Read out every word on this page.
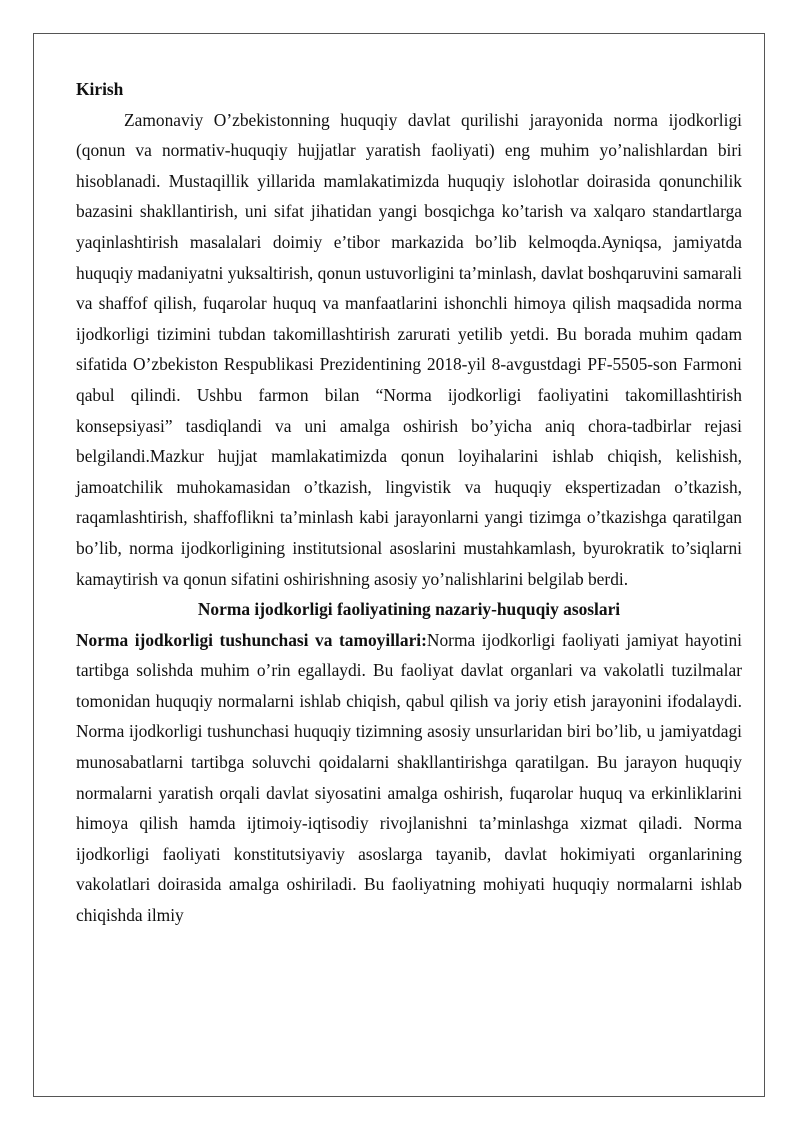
Kirish

Zamonaviy O’zbekistonning huquqiy davlat qurilishi jarayonida norma ijodkorligi (qonun va normativ-huquqiy hujjatlar yaratish faoliyati) eng muhim yo’nalishlardan biri hisoblanadi. Mustaqillik yillarida mamlakatimizda huquqiy islohotlar doirasida qonunchilik bazasini shakllantirish, uni sifat jihatidan yangi bosqichga ko’tarish va xalqaro standartlarga yaqinlashtirish masalalari doimiy e’tibor markazida bo’lib kelmoqda.Ayniqsa, jamiyatda huquqiy madaniyatni yuksaltirish, qonun ustuvorligini ta’minlash, davlat boshqaruvini samarali va shaffof qilish, fuqarolar huquq va manfaatlarini ishonchli himoya qilish maqsadida norma ijodkorligi tizimini tubdan takomillashtirish zarurati yetilib yetdi. Bu borada muhim qadam sifatida O’zbekiston Respublikasi Prezidentining 2018-yil 8-avgustdagi PF-5505-son Farmoni qabul qilindi. Ushbu farmon bilan “Norma ijodkorligi faoliyatini takomillashtirish konsepsiyasi” tasdiqlandi va uni amalga oshirish bo’yicha aniq chora-tadbirlar rejasi belgilandi.Mazkur hujjat mamlakatimizda qonun loyihalarini ishlab chiqish, kelishish, jamoatchilik muhokamasidan o’tkazish, lingvistik va huquqiy ekspertizadan o’tkazish, raqamlashtirish, shaffoflikni ta’minlash kabi jarayonlarni yangi tizimga o’tkazishga qaratilgan bo’lib, norma ijodkorligining institutsional asoslarini mustahkamlash, byurokratik to’siqlarni kamaytirish va qonun sifatini oshirishning asosiy yo’nalishlarini belgilab berdi.

Norma ijodkorligi faoliyatining nazariy-huquqiy asoslari

Norma ijodkorligi tushunchasi va tamoyillari:Norma ijodkorligi faoliyati jamiyat hayotini tartibga solishda muhim o’rin egallaydi. Bu faoliyat davlat organlari va vakolatli tuzilmalar tomonidan huquqiy normalarni ishlab chiqish, qabul qilish va joriy etish jarayonini ifodalaydi. Norma ijodkorligi tushunchasi huquqiy tizimning asosiy unsurlaridan biri bo’lib, u jamiyatdagi munosabatlarni tartibga soluvchi qoidalarni shakllantirishga qaratilgan. Bu jarayon huquqiy normalarni yaratish orqali davlat siyosatini amalga oshirish, fuqarolar huquq va erkinliklarini himoya qilish hamda ijtimoiy-iqtisodiy rivojlanishni ta’minlashga xizmat qiladi. Norma ijodkorligi faoliyati konstitutsiyaviy asoslarga tayanib, davlat hokimiyati organlarining vakolatlari doirasida amalga oshiriladi. Bu faoliyatning mohiyati huquqiy normalarni ishlab chiqishda ilmiy
